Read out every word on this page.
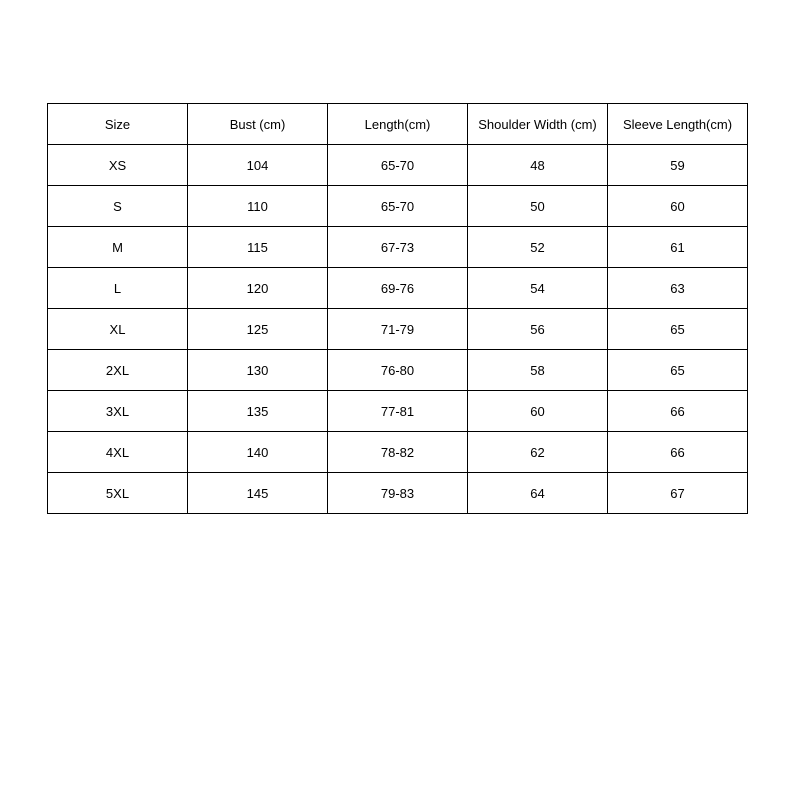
Size	Bust (cm)	Length(cm)	Shoulder Width (cm)	Sleeve Length(cm)
XS	104	65-70	48	59
S	110	65-70	50	60
M	115	67-73	52	61
L	120	69-76	54	63
XL	125	71-79	56	65
2XL	130	76-80	58	65
3XL	135	77-81	60	66
4XL	140	78-82	62	66
5XL	145	79-83	64	67
